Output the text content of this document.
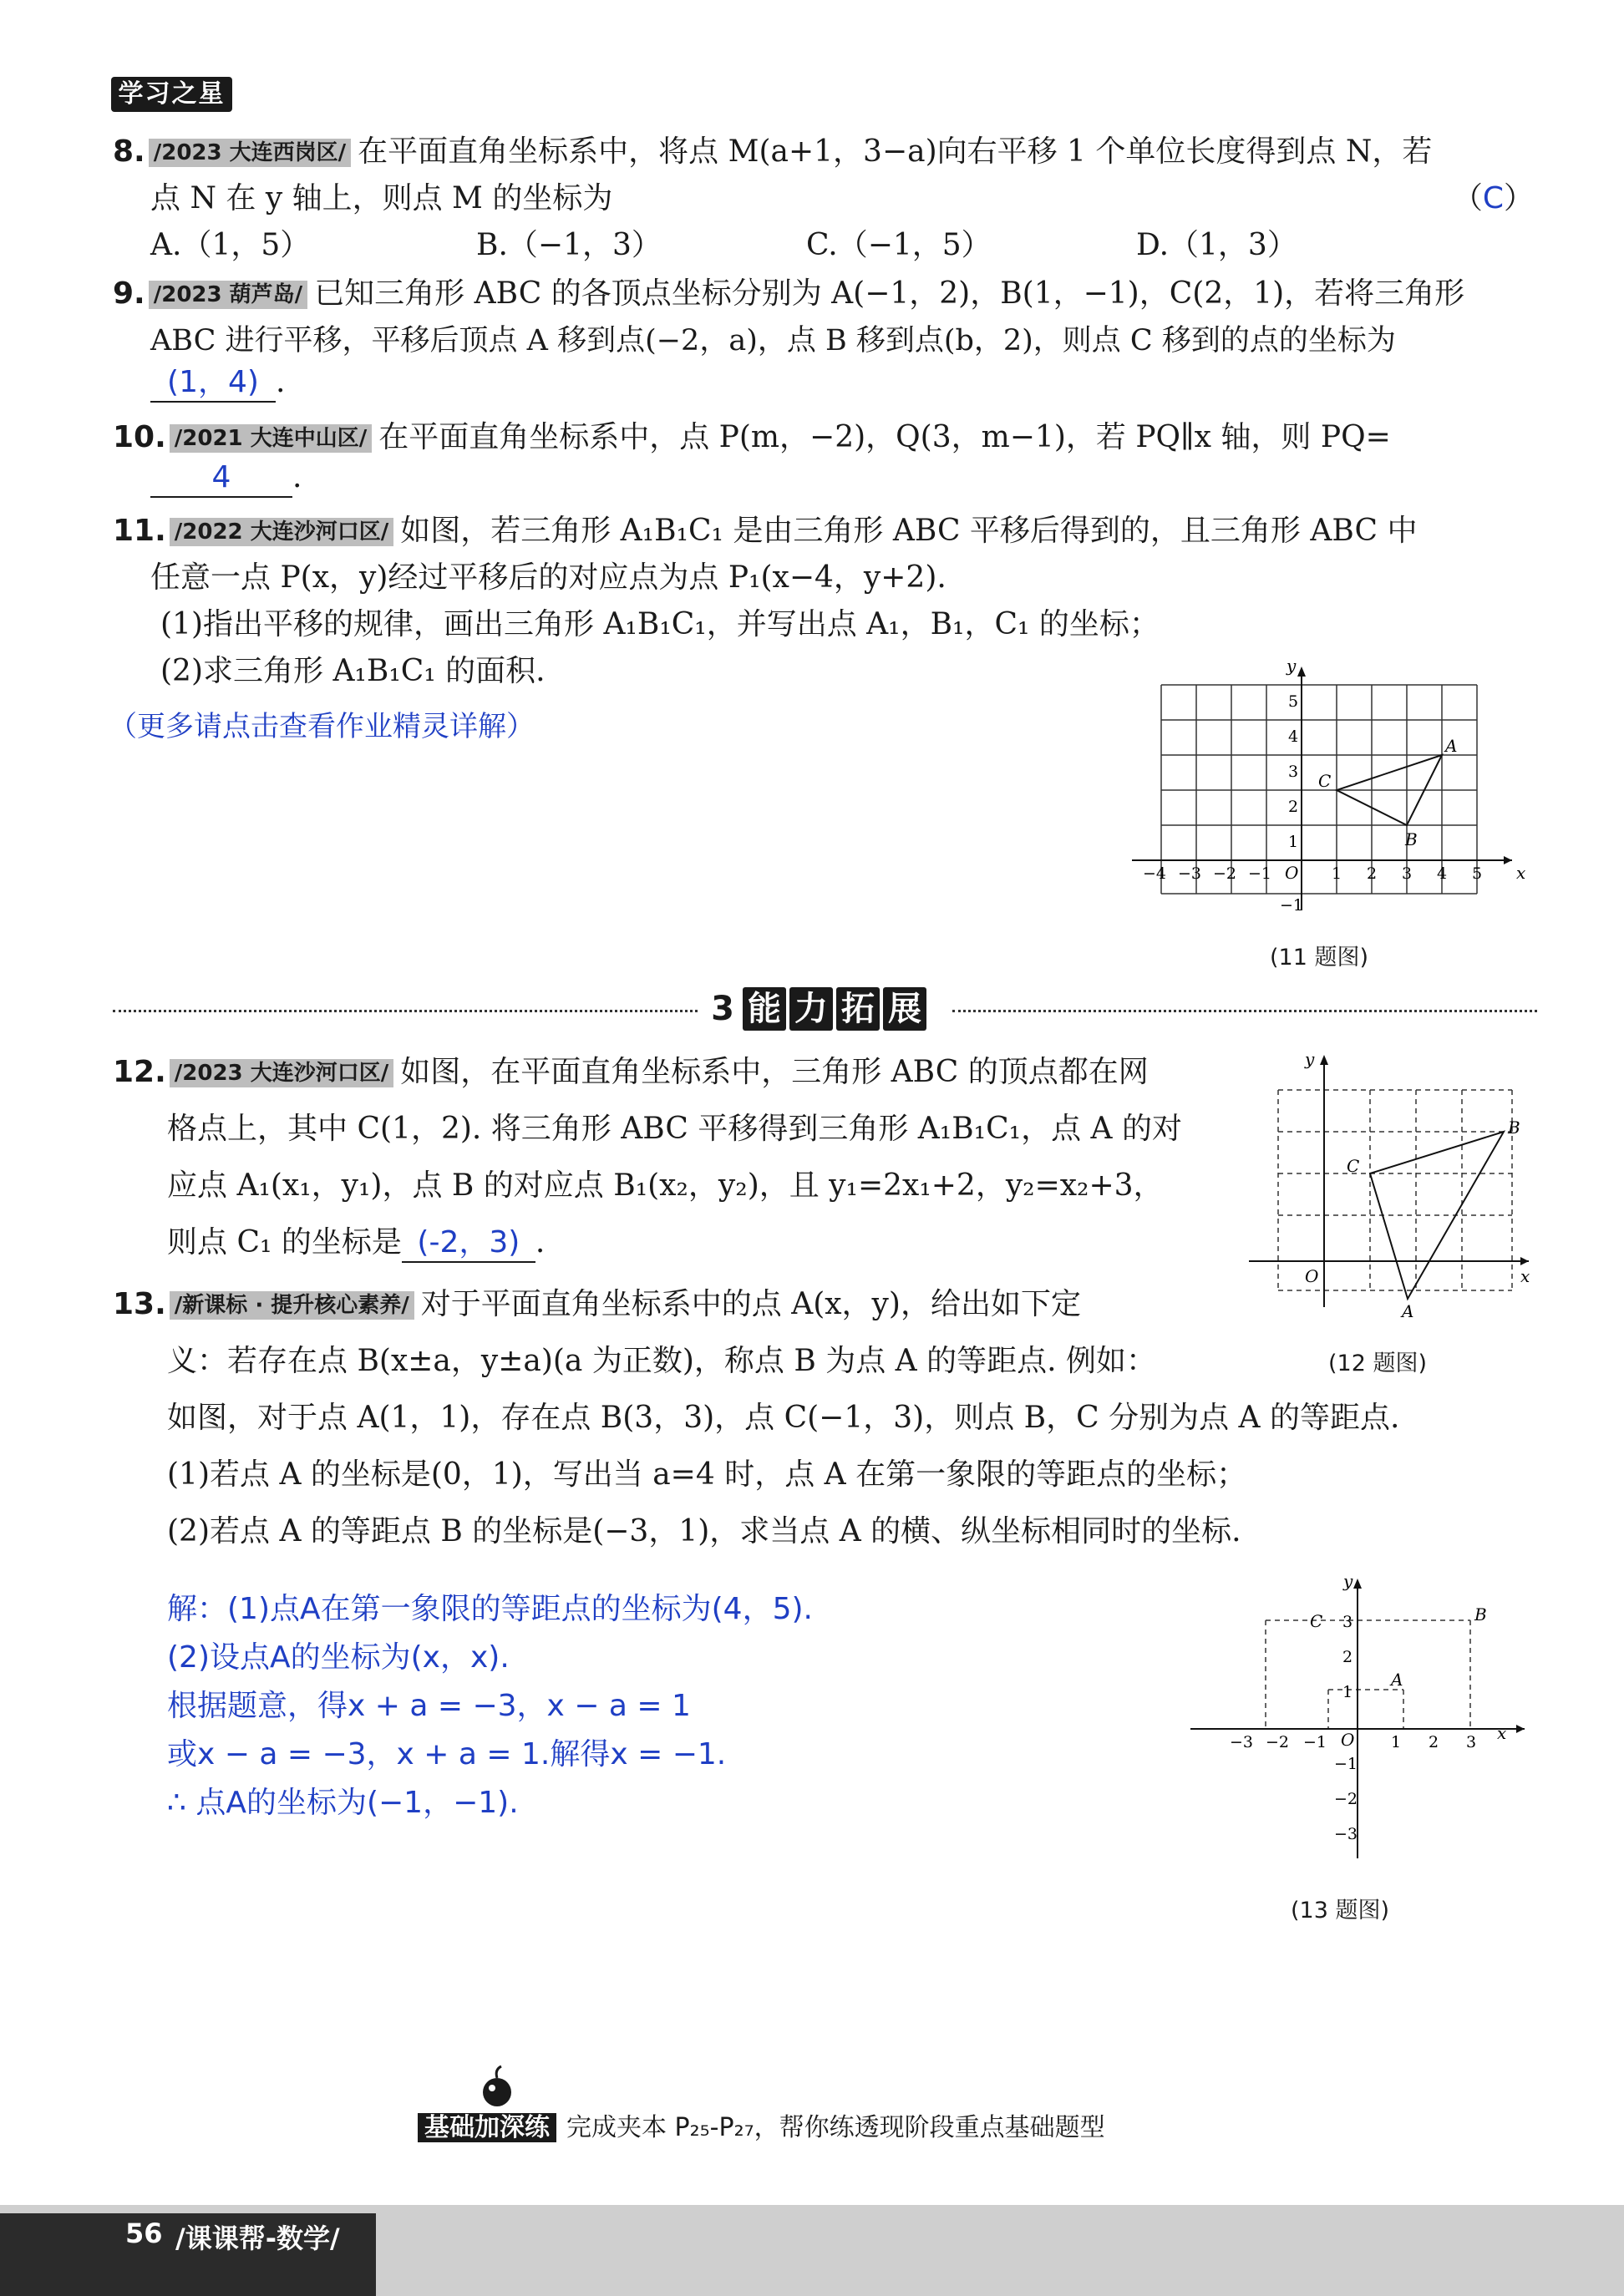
学习之星
8. /2023 大连西岗区/ 在平面直角坐标系中，将点 M(a+1，3−a)向右平移 1 个单位长度得到点 N，若
点 N 在 y 轴上，则点 M 的坐标为	（C）
A.（1，5）	B.（−1，3）	C.（−1，5）	D.（1，3）
9. /2023 葫芦岛/ 已知三角形 ABC 的各顶点坐标分别为 A(−1，2)，B(1，−1)，C(2，1)，若将三角形
ABC 进行平移，平移后顶点 A 移到点(−2，a)，点 B 移到点(b，2)，则点 C 移到的点的坐标为
(1，4) .
10. /2021 大连中山区/ 在平面直角坐标系中，点 P(m，−2)，Q(3，m−1)，若 PQ∥x 轴，则 PQ=
4 .
11. /2022 大连沙河口区/ 如图，若三角形 A₁B₁C₁ 是由三角形 ABC 平移后得到的，且三角形 ABC 中
任意一点 P(x，y)经过平移后的对应点为点 P₁(x−4，y+2).
(1)指出平移的规律，画出三角形 A₁B₁C₁，并写出点 A₁，B₁，C₁ 的坐标；
(2)求三角形 A₁B₁C₁ 的面积.
（更多请点击查看作业精灵详解）
x
y
O
−4 −3 −2 −1	1 2 3 4 5
1
2
3
4
5
−1
A
B
C
(11 题图)
3 能 力 拓 展
12. /2023 大连沙河口区/ 如图，在平面直角坐标系中，三角形 ABC 的顶点都在网
格点上，其中 C(1，2). 将三角形 ABC 平移得到三角形 A₁B₁C₁，点 A 的对
应点 A₁(x₁，y₁)，点 B 的对应点 B₁(x₂，y₂)，且 y₁=2x₁+2，y₂=x₂+3，
则点 C₁ 的坐标是 (-2，3) .
x
y
O
A
B
C
(12 题图)
13. /新课标 · 提升核心素养/ 对于平面直角坐标系中的点 A(x，y)，给出如下定
义：若存在点 B(x±a，y±a)(a 为正数)，称点 B 为点 A 的等距点. 例如：
如图，对于点 A(1，1)，存在点 B(3，3)，点 C(−1，3)，则点 B，C 分别为点 A 的等距点.
(1)若点 A 的坐标是(0，1)，写出当 a=4 时，点 A 在第一象限的等距点的坐标；
(2)若点 A 的等距点 B 的坐标是(−3，1)，求当点 A 的横、纵坐标相同时的坐标.
解：(1)点A在第一象限的等距点的坐标为(4，5).
(2)设点A的坐标为(x，x).
根据题意，得x + a = −3，x − a = 1
或x − a = −3，x + a = 1.解得x = −1.
∴ 点A的坐标为(−1，−1).
x
y
O
−3 −2 −1	1 2 3
3
2
1
−1
−2
−3
A
B
C
(13 题图)
基础加深练 完成夹本 P₂₅-P₂₇，帮你练透现阶段重点基础题型
56 /课课帮-数学/
